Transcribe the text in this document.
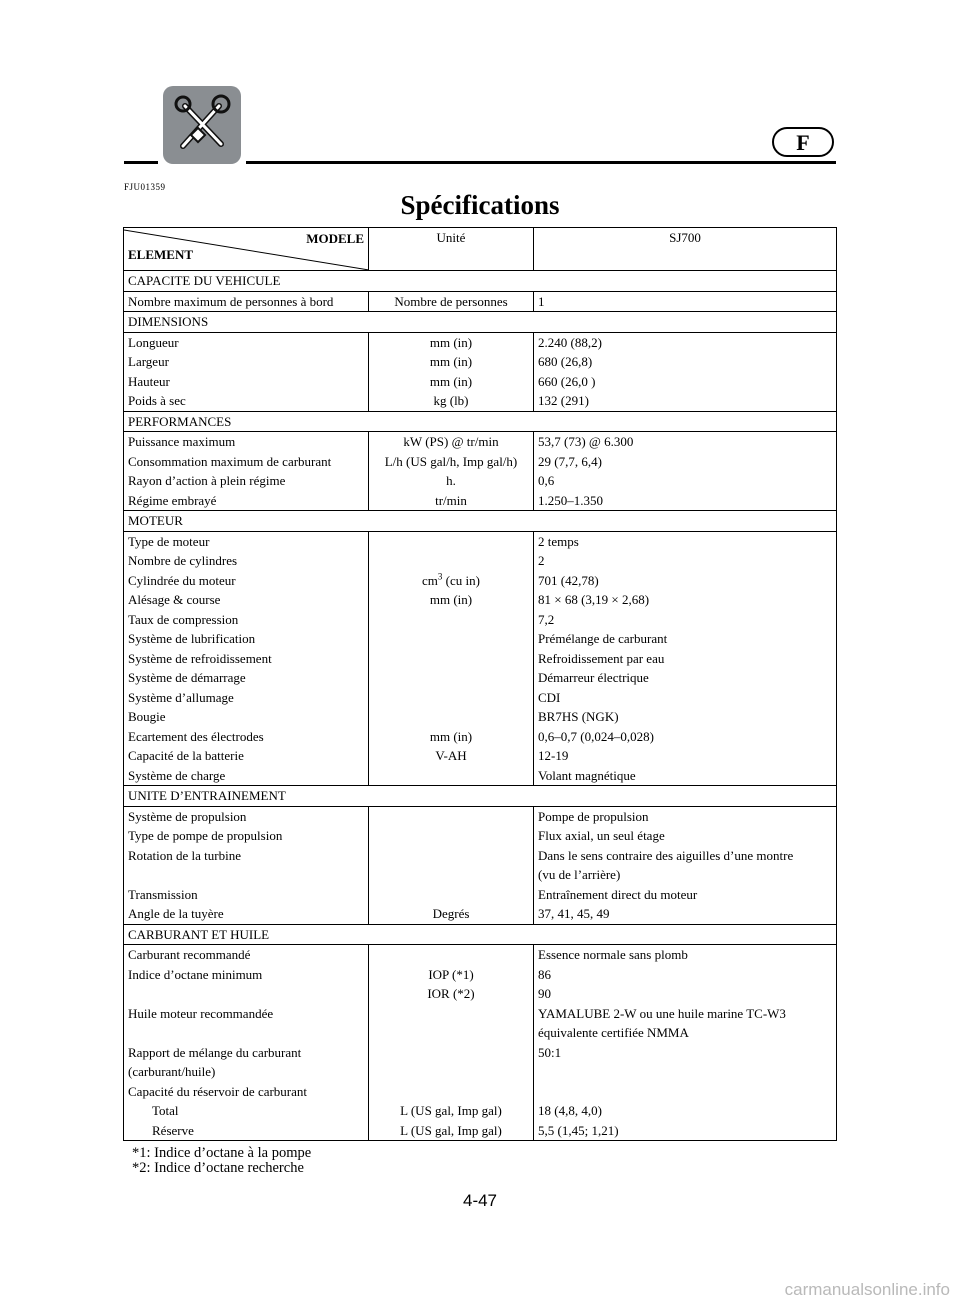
F
FJU01359
Spécifications
MODELE
ELEMENT	Unité	SJ700
CAPACITE DU VEHICULE		

Nombre maximum de personnes à bord	Nombre de personnes	1

DIMENSIONS		

Longueur	mm (in)	2.240 (88,2)

Largeur	mm (in)	680 (26,8)

Hauteur	mm (in)	660 (26,0 )

Poids à sec	kg (lb)	132 (291)

PERFORMANCES		

Puissance maximum	kW (PS) @ tr/min	53,7 (73) @ 6.300

Consommation maximum de carburant	L/h (US gal/h, Imp gal/h)	29 (7,7, 6,4)

Rayon d’action à plein régime	h.	0,6

Régime embrayé	tr/min	1.250–1.350

MOTEUR		

Type de moteur		2 temps

Nombre de cylindres		2

Cylindrée du moteur	$cm^3$ (cu in)	701 (42,78)

Alésage & course	mm (in)	81 × 68 (3,19 × 2,68)

Taux de compression		7,2

Système de lubrification		Prémélange de carburant

Système de refroidissement		Refroidissement par eau

Système de démarrage		Démarreur électrique

Système d’allumage		CDI

Bougie		BR7HS (NGK)

Ecartement des électrodes	mm (in)	0,6–0,7 (0,024–0,028)

Capacité de la batterie	V-AH	12-19

Système de charge		Volant magnétique

UNITE D’ENTRAINEMENT		

Système de propulsion		Pompe de propulsion

Type de pompe de propulsion		Flux axial, un seul étage

Rotation de la turbine		Dans le sens contraire des aiguilles d’une montre
(vu de l’arrière)

Transmission		Entraînement direct du moteur

Angle de la tuyère	Degrés	37, 41, 45, 49

CARBURANT ET HUILE		

Carburant recommandé		Essence normale sans plomb

Indice d’octane minimum	IOP (*1)	86

	IOR (*2)	90

Huile moteur recommandée		YAMALUBE 2-W ou une huile marine TC-W3
équivalente certifiée NMMA

Rapport de mélange du carburant
(carburant/huile)		50:1

Capacité du réservoir de carburant		

Total	L (US gal, Imp gal)	18 (4,8, 4,0)

Réserve	L (US gal, Imp gal)	5,5 (1,45; 1,21)
*1: Indice d’octane à la pompe
*2: Indice d’octane recherche
4-47
carmanualsonline.info
